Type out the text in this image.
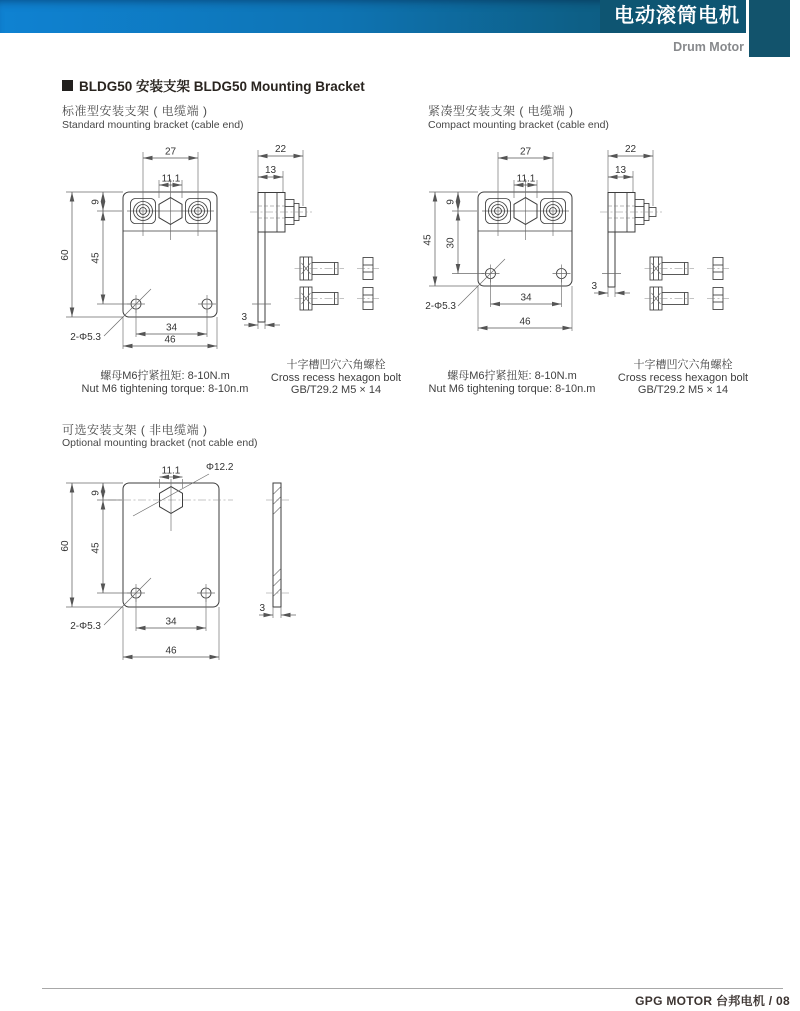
电动滚筒电机
Drum Motor
BLDG50 安装支架 BLDG50 Mounting Bracket
标准型安装支架 ( 电缆端 )
Standard mounting bracket (cable end)
紧凑型安装支架 ( 电缆端 )
Compact mounting bracket (cable end)
可选安装支架 ( 非电缆端 )
Optional mounting bracket (not cable end)
27
11.1
60
9
45
34
46
2-Φ5.3
22
13
3
27
11.1
45
9
30
34
46
2-Φ5.3
22
13
3
11.1	Φ12.2
60
9
45
2-Φ5.3	34
46
3
螺母M6拧紧扭矩: 8-10N.m
Nut M6 tightening torque: 8-10n.m
十字槽凹穴六角螺栓
Cross recess hexagon bolt
GB/T29.2 M5 × 14
螺母M6拧紧扭矩: 8-10N.m
Nut M6 tightening torque: 8-10n.m
十字槽凹穴六角螺栓
Cross recess hexagon bolt
GB/T29.2 M5 × 14
GPG MOTOR 台邦电机 / 08
